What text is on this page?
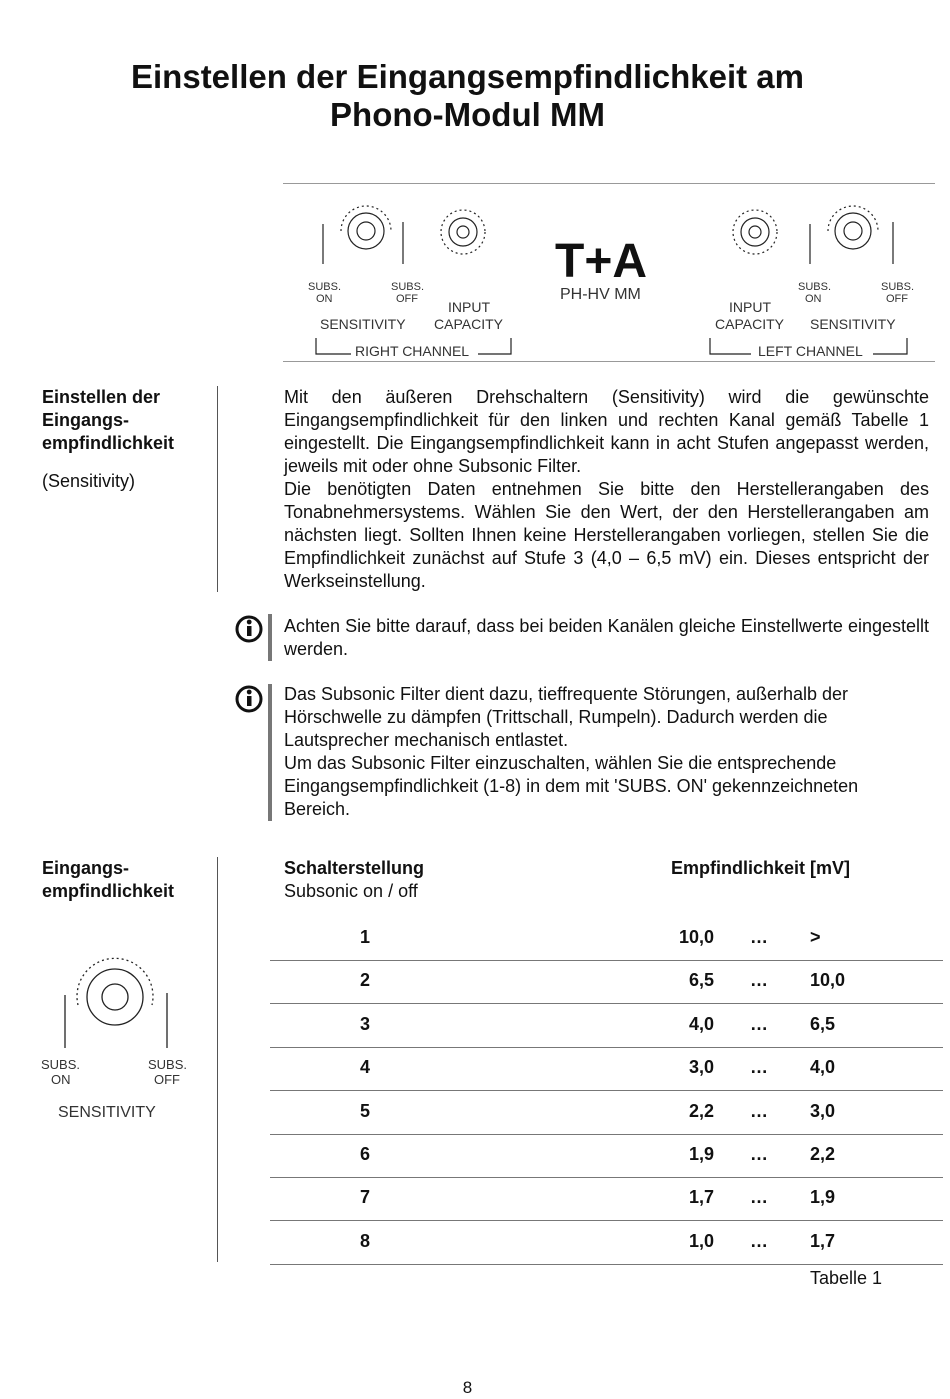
Einstellen der Eingangsempfindlichkeit am
Phono-Modul MM
SUBS.
ON
SUBS.
OFF
SUBS.
ON
SUBS.
OFF
SENSITIVITY
INPUT
CAPACITY
INPUT
CAPACITY SENSITIVITY
RIGHT CHANNEL	LEFT CHANNEL
T+A
PH-HV MM
Einstellen der
Eingangs-
empfindlichkeit
(Sensitivity)
Mit den äußeren Drehschaltern (Sensitivity) wird die gewünschte Eingangsempfindlichkeit für den linken und rechten Kanal gemäß Tabelle 1 eingestellt. Die Eingangsempfindlichkeit kann in acht Stufen angepasst werden, jeweils mit oder ohne Subsonic Filter.
Die benötigten Daten entnehmen Sie bitte den Herstellerangaben des Tonabnehmersystems. Wählen Sie den Wert, der den Herstellerangaben am nächsten liegt. Sollten Ihnen keine Herstellerangaben vorliegen, stellen Sie die Empfindlichkeit zunächst auf Stufe 3 (4,0 – 6,5 mV) ein. Dieses entspricht der Werkseinstellung.
Achten Sie bitte darauf, dass bei beiden Kanälen gleiche Einstellwerte eingestellt werden.
Das Subsonic Filter dient dazu, tieffrequente Störungen, außerhalb der Hörschwelle zu dämpfen (Trittschall, Rumpeln). Dadurch werden die Lautsprecher mechanisch entlastet.
Um das Subsonic Filter einzuschalten, wählen Sie die entsprechende Eingangsempfindlichkeit (1-8) in dem mit 'SUBS. ON' gekennzeichneten Bereich.
Eingangs-
empfindlichkeit
SUBS.
ON
SUBS.
OFF
SENSITIVITY
Schalterstellung
Subsonic on / off
Empfindlichkeit [mV]
1	10,0 … >
2	6,5 … 10,0
3	4,0 … 6,5
4	3,0 … 4,0
5	2,2 … 3,0
6	1,9 … 2,2
7	1,7 … 1,9
8	1,0 … 1,7
Tabelle 1
8
